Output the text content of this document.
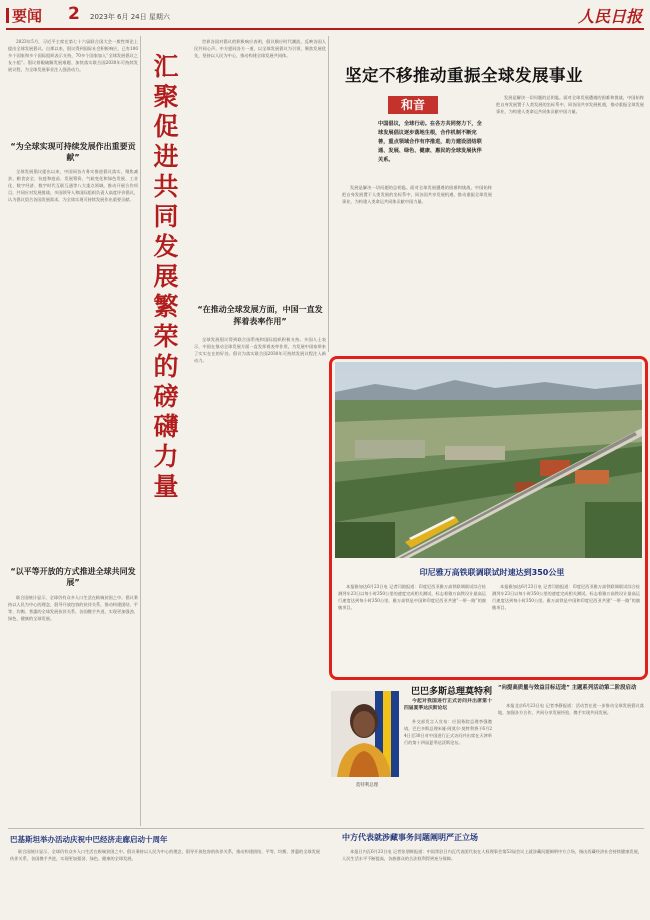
要闻 2 2023年 6月 24日 星期六	人民日报

2023年5月，习近平主席在第七十六届联合国大会一般性辩论上提出全球发展倡议。自那以来，倡议得到国际社会积极响应，已有100多个国家和多个国际组织表示支持，70多个国家加入“全球发展倡议之友小组”。倡议着眼破解发展难题、加快落实联合国2030年可持续发展议程，为全球发展事业注入强劲动力。

“为全球实现可持续发展作出重要贡献”

全球发展倡议提出以来，中国同各方务实推进倡议落实，聚焦减贫、粮食安全、抗疫和疫苗、发展筹资、气候变化和绿色发展、工业化、数字经济、数字时代互联互通等八大重点领域，推动开展合作项目，共同应对发展挑战。多国领导人和国际组织负责人高度评价倡议，认为倡议契合各国发展需求，为全球实现可持续发展作出重要贡献。

“以平等开放的方式推进全球共同发展”

联合国统计显示，全球仍有众多人口生活在极端贫困之中。倡议秉持以人民为中心的理念，倡导开放包容的伙伴关系，推动构建团结、平等、均衡、普惠的全球发展伙伴关系，各国携手共进，实现更加强劲、绿色、健康的全球发展。

汇聚促进共同发展繁荣的磅礴力量

世界各国对倡议的积极响应表明，倡议顺应时代潮流，反映各国人民共同心声。中方愿同各方一道，以全球发展倡议为引领，聚焦发展优先，坚持以人民为中心，推动构建全球发展共同体。

“在推动全球发展方面，中国一直发挥着表率作用”

全球发展倡议得到联合国系统和国际组织积极支持。多国人士表示，中国在推动全球发展方面一直发挥着表率作用，为发展中国家带来了实实在在的好处。倡议为落实联合国2030年可持续发展议程注入新动力。

坚定不移推动重振全球发展事业
和音
中国倡议，全球行动。在各方共同努力下，全球发展倡议逐步落地生根，合作机制不断完善，重点领域合作有序推进，助力建设团结联通、发展、绿色、健康、惠民的全球发展伙伴关系。

发展是解决一切问题的总钥匙。面对全球发展遭遇的困难和挑战，中国始终把自身发展置于人类发展的坐标系中，同各国共享发展机遇，推动重振全球发展事业，为构建人类命运共同体贡献中国力量。

发展是解决一切问题的总钥匙。面对全球发展遭遇的困难和挑战，中国始终把自身发展置于人类发展的坐标系中，同各国共享发展机遇，推动重振全球发展事业，为构建人类命运共同体贡献中国力量。

印尼雅万高铁联调联试时速达到350公里

本报雅加达6月23日电 记者闫韵报道：印度尼西亚雅万高铁联调联试综合检测列车23日以每小时350公里的速度完成相关测试，标志着雅万高铁设计最高运行速度达到每小时350公里。雅万高铁是中国和印度尼西亚共建“一带一路”的旗舰项目。

本报雅加达6月23日电 记者闫韵报道：印度尼西亚雅万高铁联调联试综合检测列车23日以每小时350公里的速度完成相关测试，标志着雅万高铁设计最高运行速度达到每小时350公里。雅万高铁是中国和印度尼西亚共建“一带一路”的旗舰项目。

巴巴多斯总理莫特利

今起对我国进行正式访问并出席第十四届夏季达沃斯论坛

莫特利总理

外交部发言人宣布：应国务院总理李强邀请，巴巴多斯总理米娅·阿莫尔·莫特利将于6月24日至30日对中国进行正式访问并出席在天津举行的第十四届夏季达沃斯论坛。

“向提高质量与效益目标迈进” 主题系列活动第二阶段启动

本报北京6月23日电 记者李静报道：活动旨在进一步推动全球发展倡议落地，加强各方合作，共同分享发展经验，携手实现共同发展。

巴基斯坦举办活动庆祝中巴经济走廊启动十周年

联合国统计显示，全球仍有众多人口生活在极端贫困之中。倡议秉持以人民为中心的理念，倡导开放包容的伙伴关系，推动构建团结、平等、均衡、普惠的全球发展伙伴关系，各国携手共进，实现更加强劲、绿色、健康的全球发展。

中方代表就涉藏事务问题阐明严正立场

本报日内瓦6月23日电 记者张朋辉报道：中国常驻日内瓦代表团代表在人权理事会第53届会议上就涉藏问题阐明中方立场，指出西藏经济社会持续健康发展，人民生活水平不断提高，各族群众的合法权利得到充分保障。
